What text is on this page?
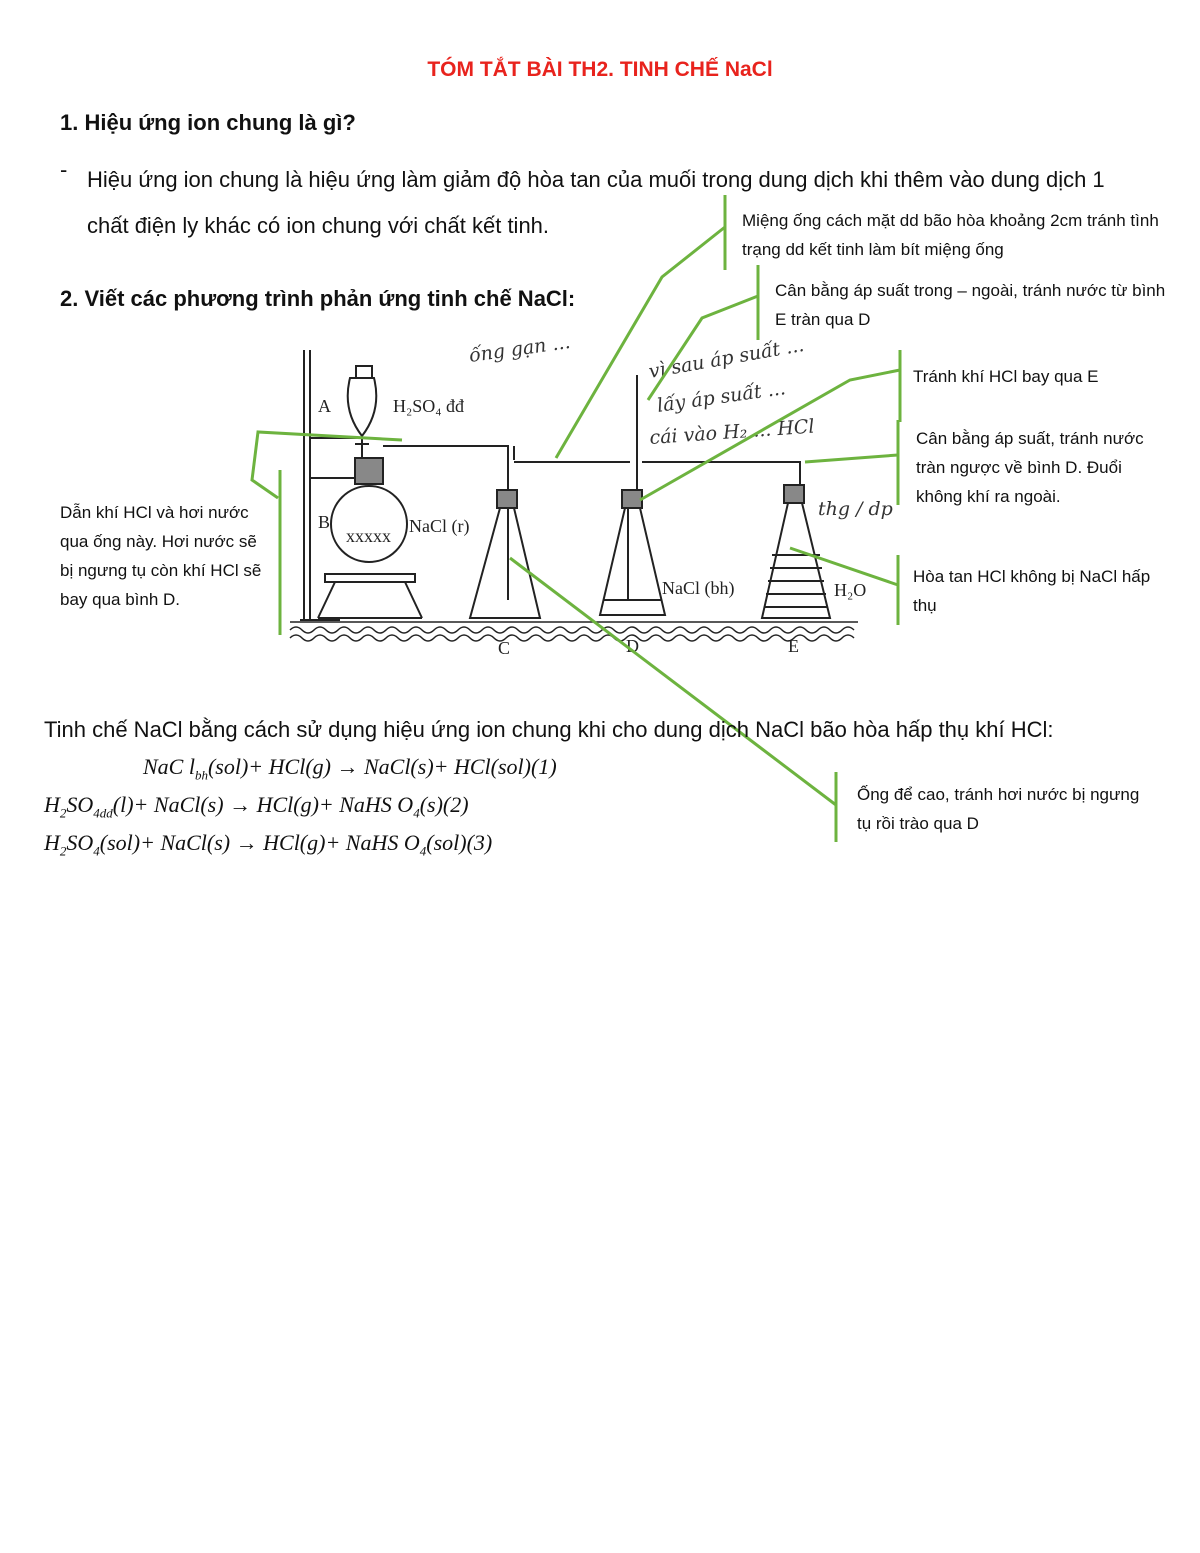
TÓM TẮT BÀI TH2. TINH CHẾ NaCl
1. Hiệu ứng ion chung là gì?
- Hiệu ứng ion chung là hiệu ứng làm giảm độ hòa tan của muối trong dung dịch khi thêm vào dung dịch 1 chất điện ly khác có ion chung với chất kết tinh.
2. Viết các phương trình phản ứng tinh chế NaCl:
A
B
C	D	E
H₂SO₄ đđ
NaCl (r)
NaCl (bh)	H₂O
xxxxx
ống gạn ...	vì sau áp suất ...
lấy áp suất ...
cái vào H₂ ... HCl
thg / dp
Miệng ống cách mặt dd bão hòa khoảng 2cm tránh tình trạng dd kết tinh làm bít miệng ống
Cân bằng áp suất trong – ngoài, tránh nước từ bình E tràn qua D
Tránh khí HCl bay qua E
Cân bằng áp suất, tránh nước tràn ngược về bình D. Đuổi không khí ra ngoài.
Hòa tan HCl không bị NaCl hấp thụ
Dẫn khí HCl và hơi nước qua ống này. Hơi nước sẽ bị ngưng tụ còn khí HCl sẽ bay qua bình D.
Ống để cao, tránh hơi nước bị ngưng tụ rồi trào qua D
Tinh chế NaCl bằng cách sử dụng hiệu ứng ion chung khi cho dung dịch NaCl bão hòa hấp thụ khí HCl:
NaC $l_{bh}(sol)+ HCl(g)$ → NaCl(s)+ HCl(sol)(1)
$H_2SO_{4dd}(l)+$ NaCl(s) → HCl(g)+ NaHS $O_4(s)(2)$
$H_2SO_4(sol)+$ NaCl(s) → HCl(g)+ NaHS $O_4(sol)(3)$
